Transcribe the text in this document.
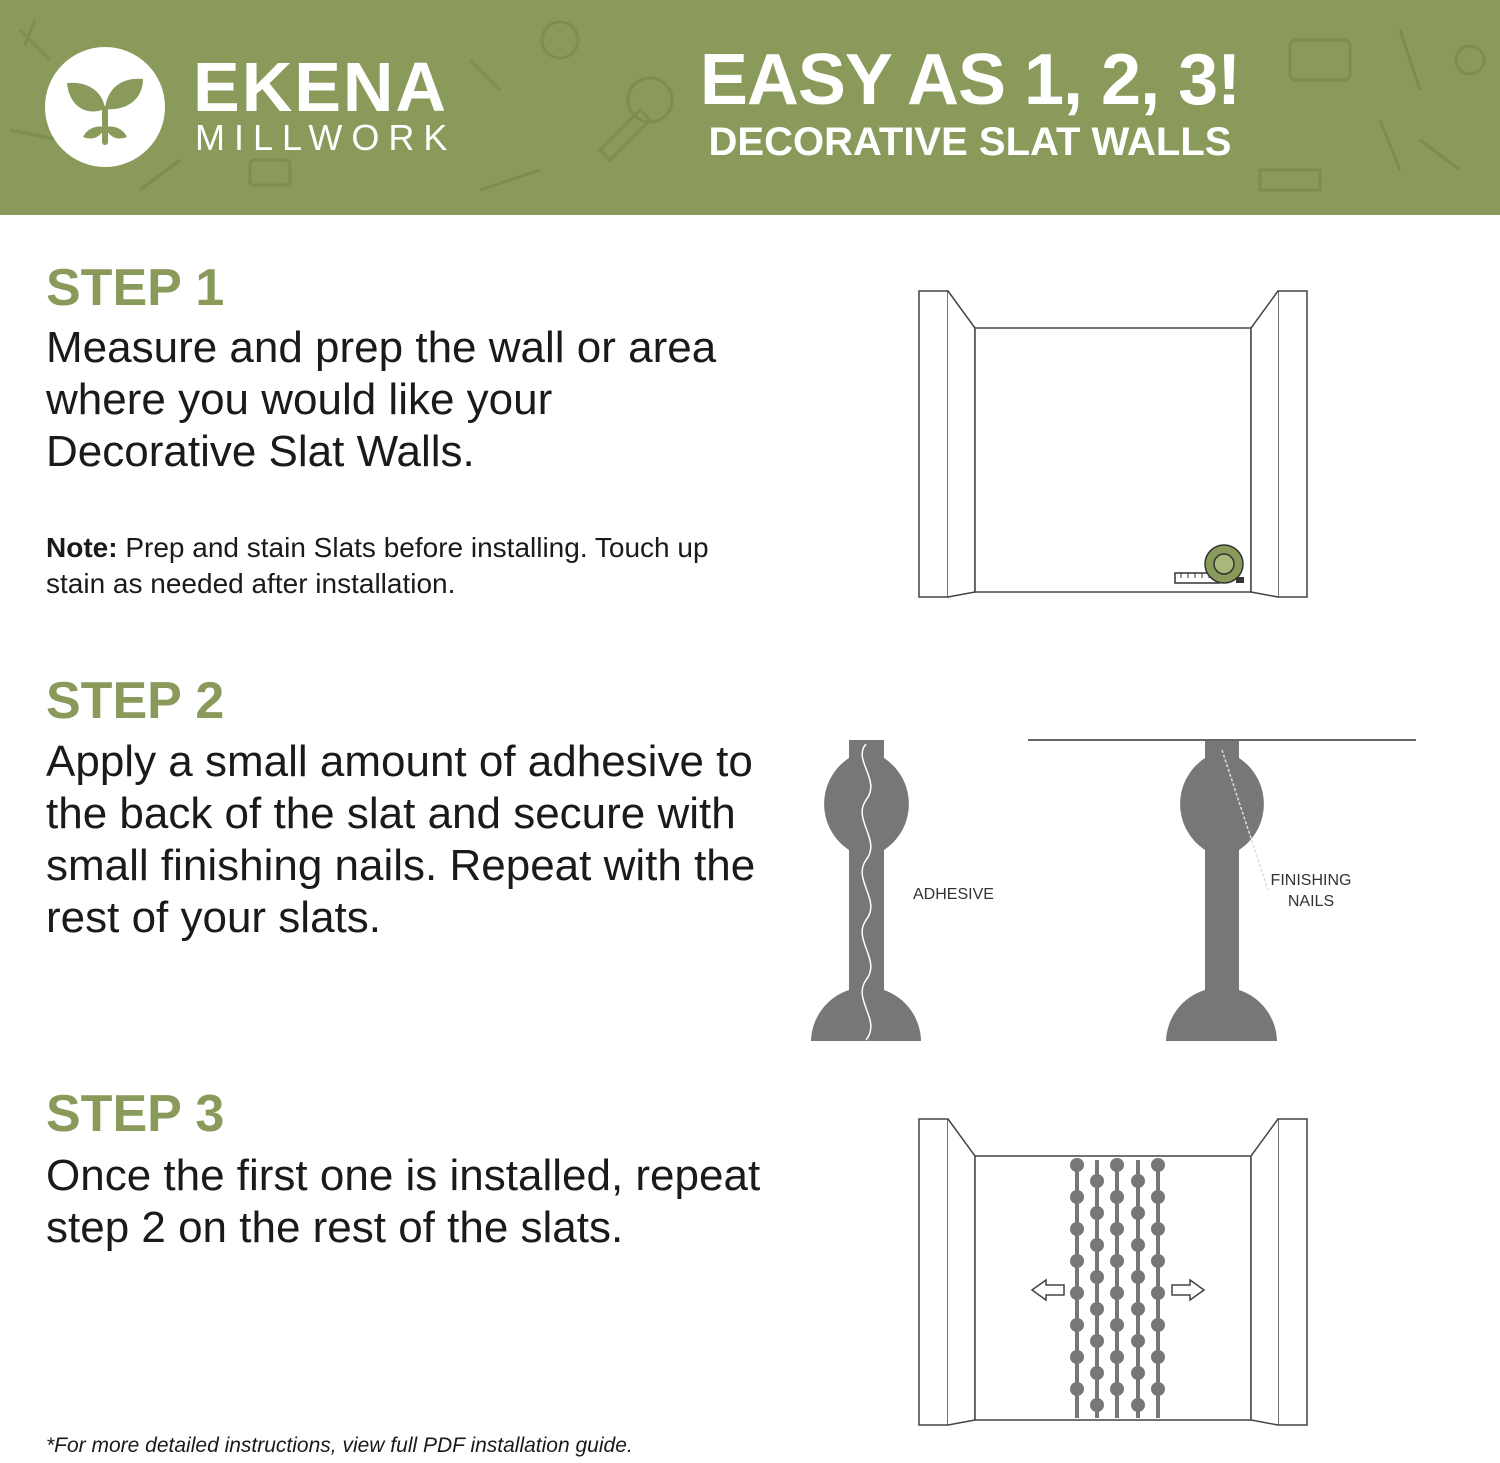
EKENA
MILLWORK
EASY AS 1, 2, 3!
DECORATIVE SLAT WALLS
STEP 1
Measure and prep the wall or area where you would like your Decorative Slat Walls.
Note: Prep and stain Slats before installing. Touch up stain as needed after installation.
STEP 2
Apply a small amount of adhesive to the back of the slat and secure with small finishing nails. Repeat with the rest of your slats.
STEP 3
Once the first one is installed, repeat step 2 on the rest of the slats.
*For more detailed instructions, view full PDF installation guide.
ADHESIVE
FINISHING
NAILS
